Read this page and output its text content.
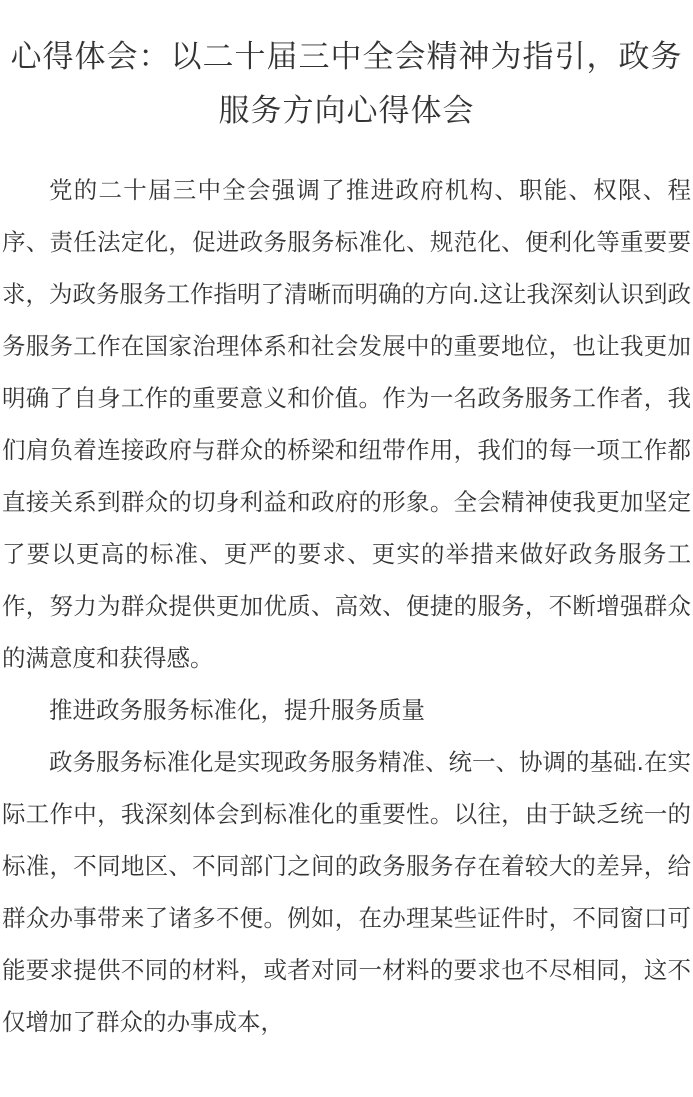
心得体会：以二十届三中全会精神为指引，政务服务方向心得体会

党的二十届三中全会强调了推进政府机构、职能、权限、程序、责任法定化，促进政务服务标准化、规范化、便利化等重要要求，为政务服务工作指明了清晰而明确的方向.这让我深刻认识到政务服务工作在国家治理体系和社会发展中的重要地位，也让我更加明确了自身工作的重要意义和价值。作为一名政务服务工作者，我们肩负着连接政府与群众的桥梁和纽带作用，我们的每一项工作都直接关系到群众的切身利益和政府的形象。全会精神使我更加坚定了要以更高的标准、更严的要求、更实的举措来做好政务服务工作，努力为群众提供更加优质、高效、便捷的服务，不断增强群众的满意度和获得感。

推进政务服务标准化，提升服务质量

政务服务标准化是实现政务服务精准、统一、协调的基础.在实际工作中，我深刻体会到标准化的重要性。以往，由于缺乏统一的标准，不同地区、不同部门之间的政务服务存在着较大的差异，给群众办事带来了诸多不便。例如，在办理某些证件时，不同窗口可能要求提供不同的材料，或者对同一材料的要求也不尽相同，这不仅增加了群众的办事成本，
